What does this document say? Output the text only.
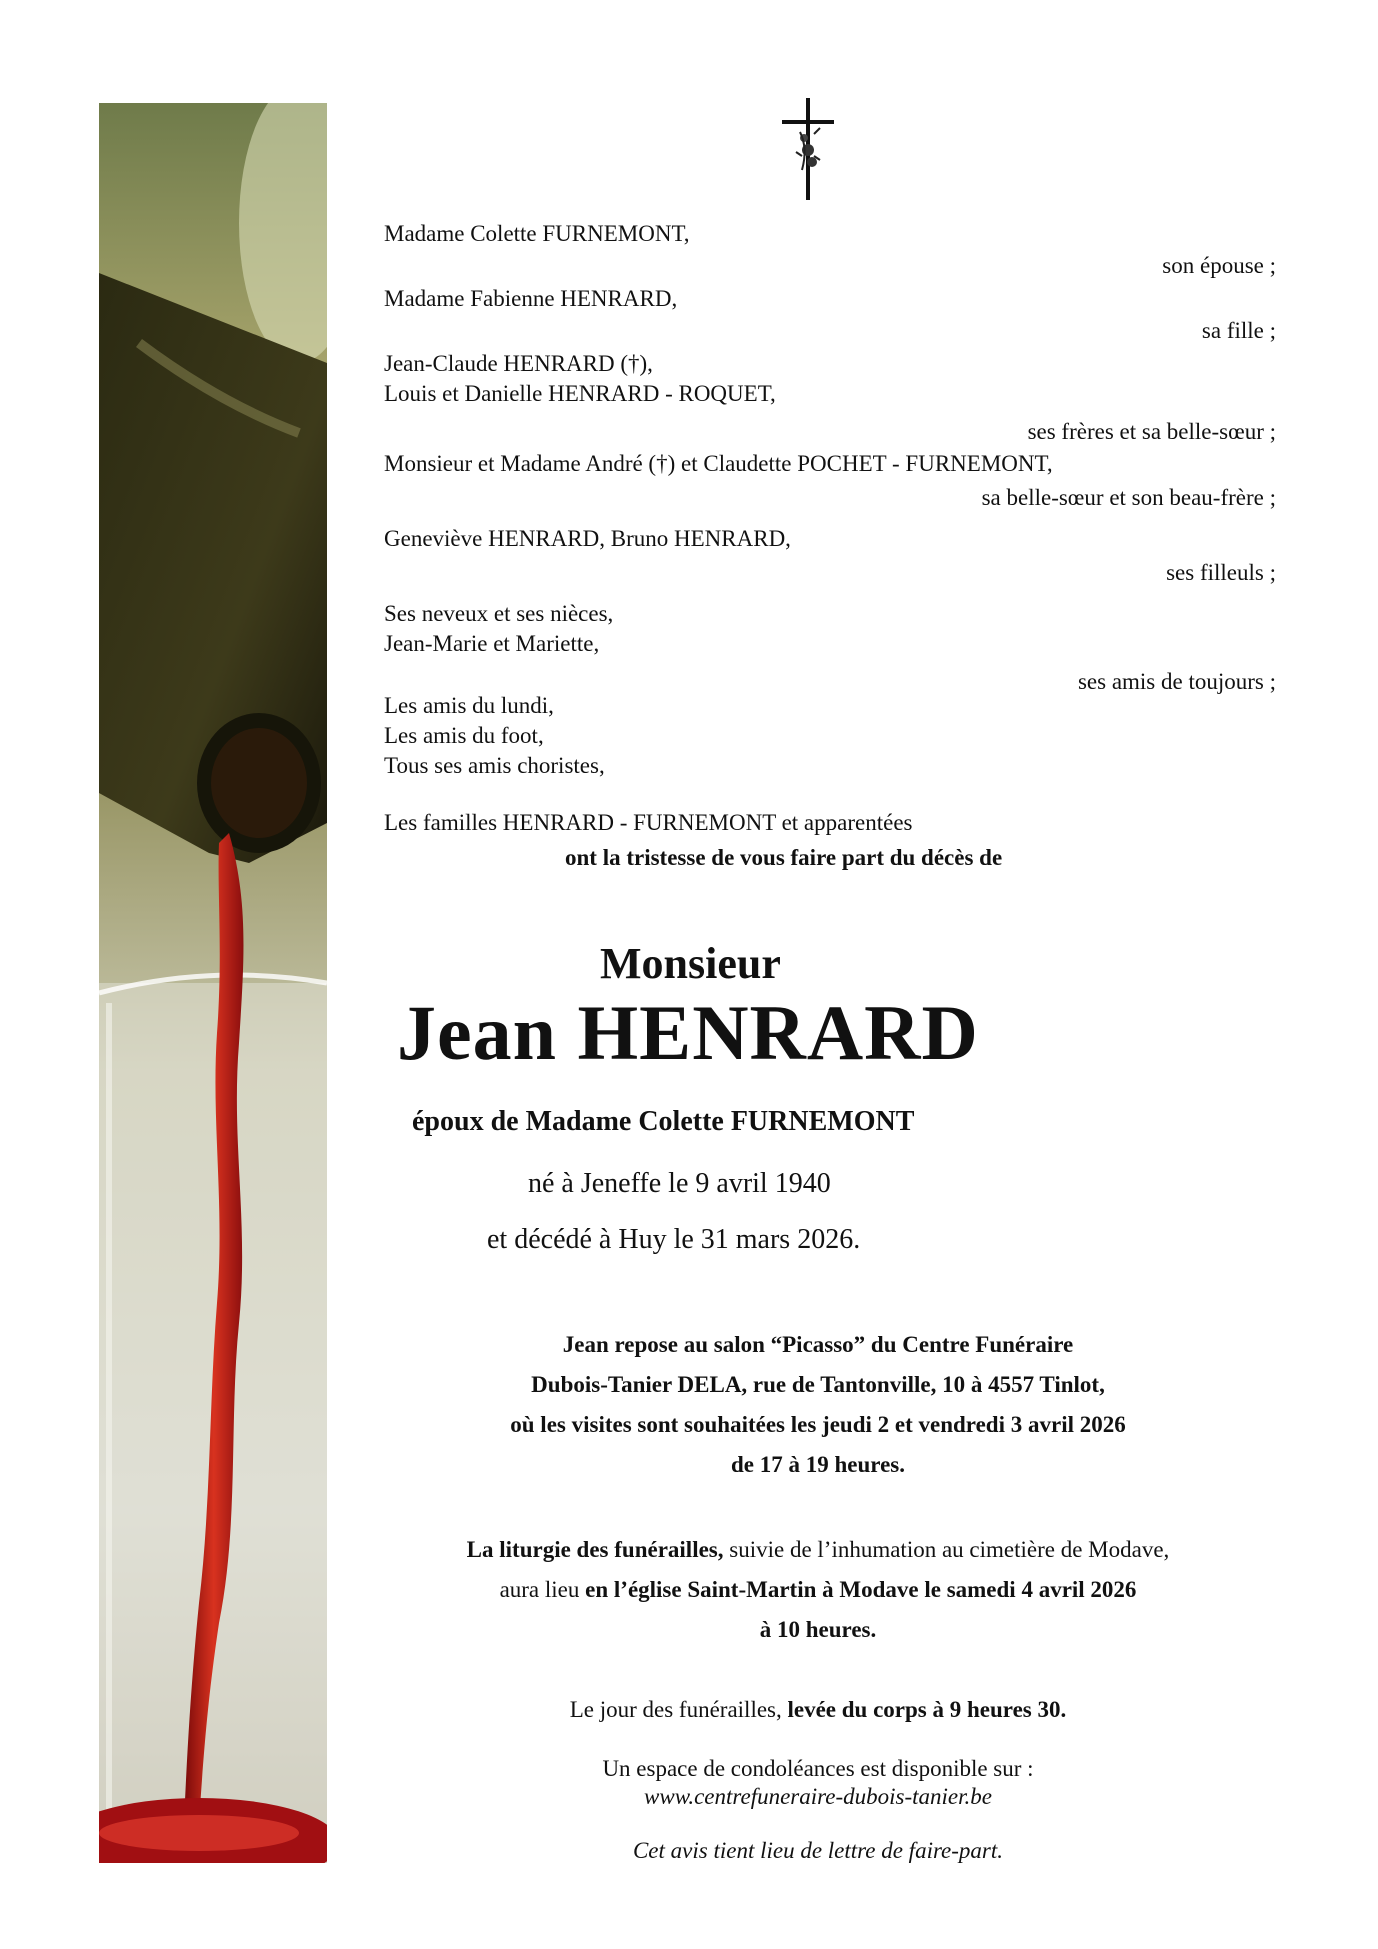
Madame Colette FURNEMONT,
son épouse ;
Madame Fabienne HENRARD,
sa fille ;
Jean-Claude HENRARD (†),
Louis et Danielle HENRARD - ROQUET,
ses frères et sa belle-sœur ;
Monsieur et Madame André (†) et Claudette POCHET - FURNEMONT,
sa belle-sœur et son beau-frère ;
Geneviève HENRARD, Bruno HENRARD,
ses filleuls ;
Ses neveux et ses nièces,
Jean-Marie et Mariette,
ses amis de toujours ;
Les amis du lundi,
Les amis du foot,
Tous ses amis choristes,
Les familles HENRARD - FURNEMONT et apparentées
ont la tristesse de vous faire part du décès de
Monsieur
Jean HENRARD
époux de Madame Colette FURNEMONT
né à Jeneffe le 9 avril 1940
et décédé à Huy le 31 mars 2026.
Jean repose au salon “Picasso” du Centre Funéraire
Dubois-Tanier DELA, rue de Tantonville, 10 à 4557 Tinlot,
où les visites sont souhaitées les jeudi 2 et vendredi 3 avril 2026
de 17 à 19 heures.
La liturgie des funérailles, suivie de l’inhumation au cimetière de Modave,
aura lieu en l’église Saint-Martin à Modave le samedi 4 avril 2026
à 10 heures.
Le jour des funérailles, levée du corps à 9 heures 30.
Un espace de condoléances est disponible sur :
www.centrefuneraire-dubois-tanier.be
Cet avis tient lieu de lettre de faire-part.
